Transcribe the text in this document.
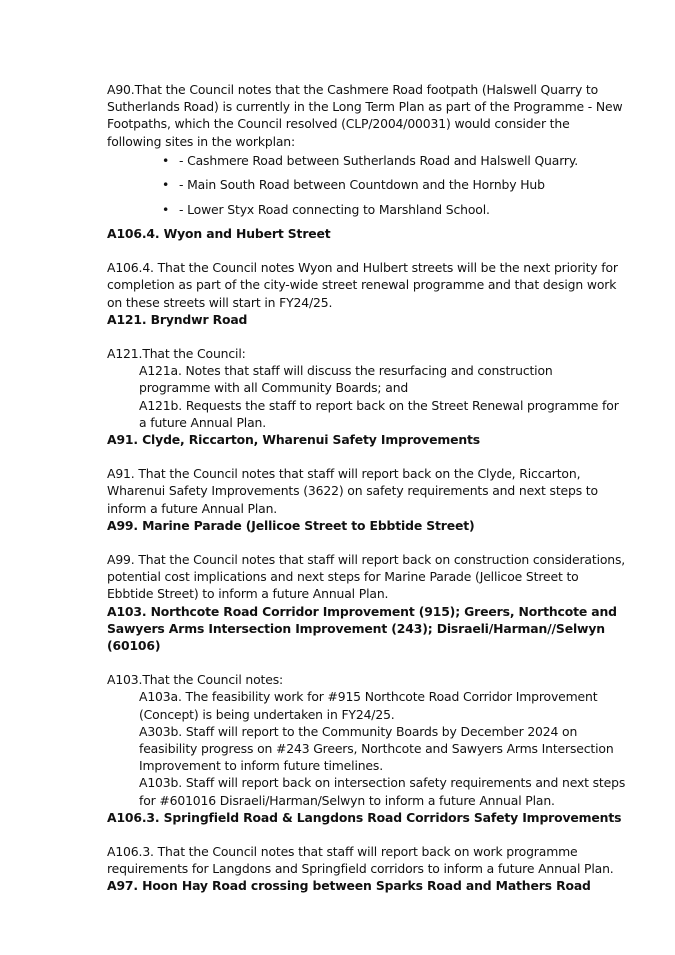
A90.That the Council notes that the Cashmere Road footpath (Halswell Quarry to Sutherlands Road) is currently in the Long Term Plan as part of the Programme - New Footpaths, which the Council resolved (CLP/2004/00031) would consider the following sites in the workplan:

• - Cashmere Road between Sutherlands Road and Halswell Quarry.
• - Main South Road between Countdown and the Hornby Hub
• - Lower Styx Road connecting to Marshland School.

A106.4. Wyon and Hubert Street

A106.4. That the Council notes Wyon and Hulbert streets will be the next priority for completion as part of the city-wide street renewal programme and that design work on these streets will start in FY24/25.

A121. Bryndwr Road

A121.That the Council:

A121a. Notes that staff will discuss the resurfacing and construction programme with all Community Boards; and

A121b. Requests the staff to report back on the Street Renewal programme for a future Annual Plan.

A91. Clyde, Riccarton, Wharenui Safety Improvements

A91. That the Council notes that staff will report back on the Clyde, Riccarton, Wharenui Safety Improvements (3622) on safety requirements and next steps to inform a future Annual Plan.

A99. Marine Parade (Jellicoe Street to Ebbtide Street)

A99. That the Council notes that staff will report back on construction considerations, potential cost implications and next steps for Marine Parade (Jellicoe Street to Ebbtide Street) to inform a future Annual Plan.

A103. Northcote Road Corridor Improvement (915); Greers, Northcote and Sawyers Arms Intersection Improvement (243); Disraeli/Harman//Selwyn (60106)

A103.That the Council notes:

A103a. The feasibility work for #915 Northcote Road Corridor Improvement (Concept) is being undertaken in FY24/25.

A303b. Staff will report to the Community Boards by December 2024 on feasibility progress on #243 Greers, Northcote and Sawyers Arms Intersection Improvement to inform future timelines.

A103b. Staff will report back on intersection safety requirements and next steps for #601016 Disraeli/Harman/Selwyn to inform a future Annual Plan.

A106.3. Springfield Road & Langdons Road Corridors Safety Improvements

A106.3. That the Council notes that staff will report back on work programme requirements for Langdons and Springfield corridors to inform a future Annual Plan.

A97. Hoon Hay Road crossing between Sparks Road and Mathers Road
